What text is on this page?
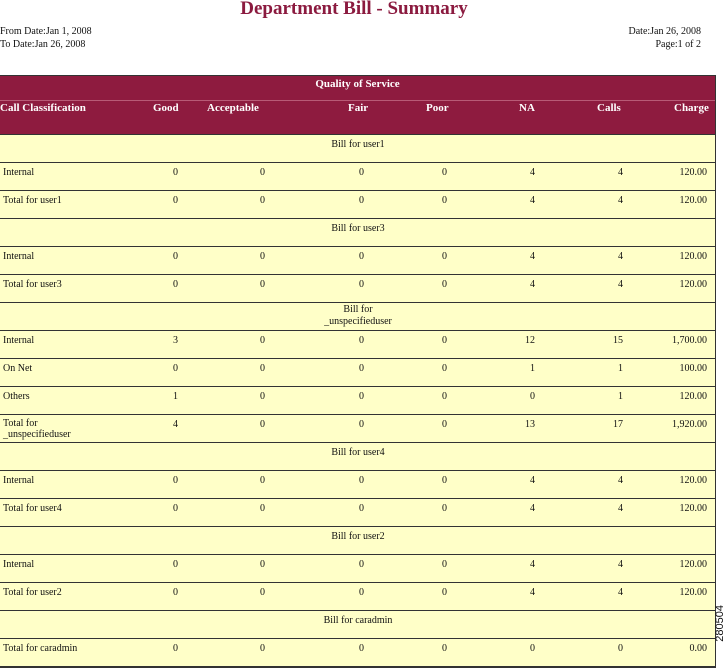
Department Bill - Summary
From Date:Jan 1, 2008
To Date:Jan 26, 2008
Date:Jan 26, 2008
Page:1 of 2
Quality of Service
Call Classification	Good	Acceptable	Fair	Poor	NA	Calls	Charge
Bill for user1
Internal	0	0	0	0	4	4	120.00
Total for user1	0	0	0	0	4	4	120.00
Bill for user3
Internal	0	0	0	0	4	4	120.00
Total for user3	0	0	0	0	4	4	120.00
Bill for
_unspecifieduser
Internal	3	0	0	0	12	15	1,700.00
On Net	0	0	0	0	1	1	100.00
Others	1	0	0	0	0	1	120.00
Total for
_unspecifieduser
4	0	0	0	13	17	1,920.00
Bill for user4
Internal	0	0	0	0	4	4	120.00
Total for user4	0	0	0	0	4	4	120.00
Bill for user2
Internal	0	0	0	0	4	4	120.00
Total for user2	0	0	0	0	4	4	120.00
Bill for caradmin
Total for caradmin	0	0	0	0	0	0	0.00
280504
